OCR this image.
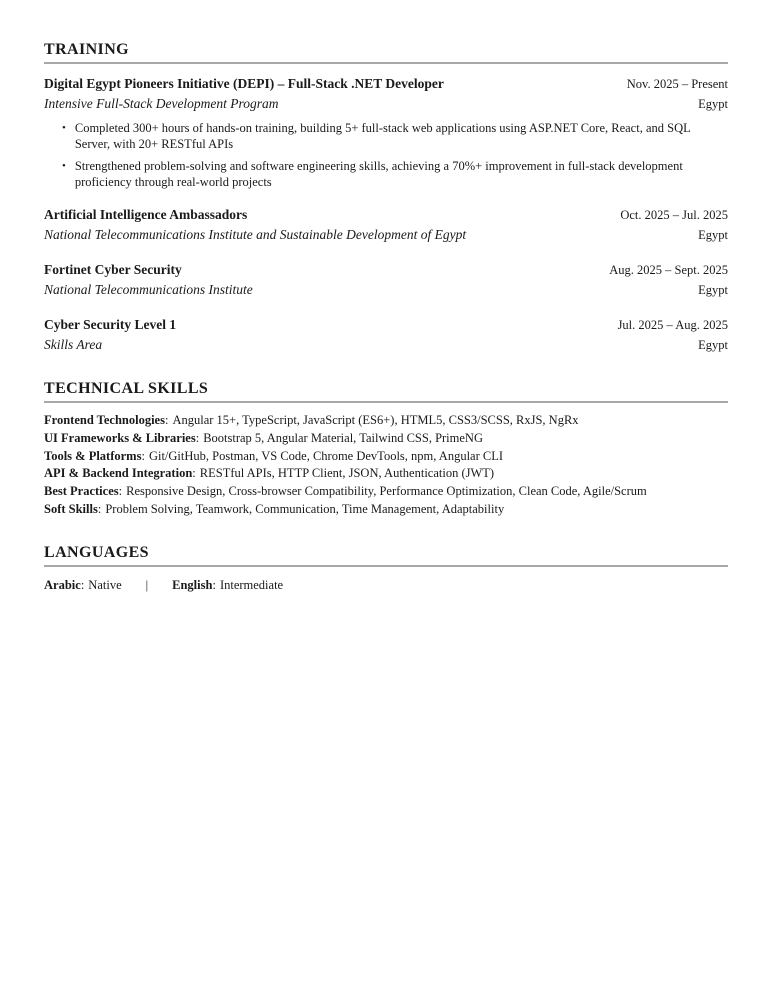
TRAINING
Digital Egypt Pioneers Initiative (DEPI) – Full-Stack .NET Developer	Nov. 2025 – Present
Intensive Full-Stack Development Program	Egypt
• Completed 300+ hours of hands-on training, building 5+ full-stack web applications using ASP.NET Core, React, and SQL Server, with 20+ RESTful APIs
• Strengthened problem-solving and software engineering skills, achieving a 70%+ improvement in full-stack development proficiency through real-world projects
Artificial Intelligence Ambassadors	Oct. 2025 – Jul. 2025
National Telecommunications Institute and Sustainable Development of Egypt	Egypt
Fortinet Cyber Security	Aug. 2025 – Sept. 2025
National Telecommunications Institute	Egypt
Cyber Security Level 1	Jul. 2025 – Aug. 2025
Skills Area	Egypt
TECHNICAL SKILLS
Frontend Technologies: Angular 15+, TypeScript, JavaScript (ES6+), HTML5, CSS3/SCSS, RxJS, NgRx
UI Frameworks & Libraries: Bootstrap 5, Angular Material, Tailwind CSS, PrimeNG
Tools & Platforms: Git/GitHub, Postman, VS Code, Chrome DevTools, npm, Angular CLI
API & Backend Integration: RESTful APIs, HTTP Client, JSON, Authentication (JWT)
Best Practices: Responsive Design, Cross-browser Compatibility, Performance Optimization, Clean Code, Agile/Scrum
Soft Skills: Problem Solving, Teamwork, Communication, Time Management, Adaptability
LANGUAGES
Arabic : Native | English : Intermediate
